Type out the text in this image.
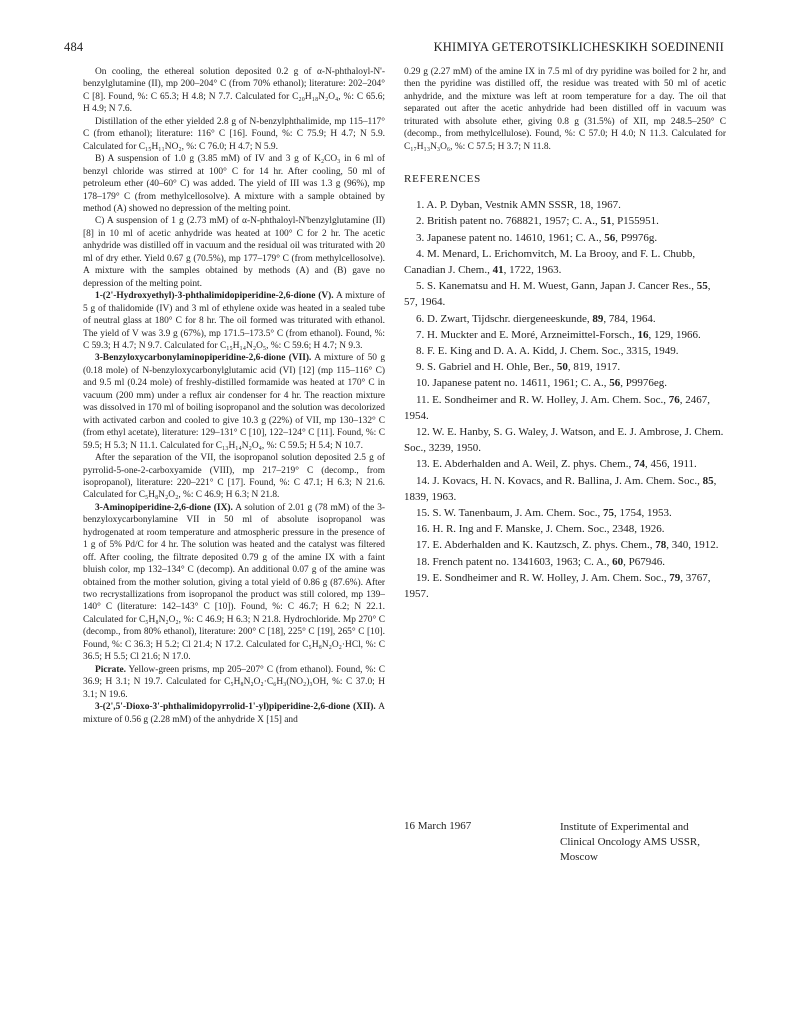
484	KHIMIYA GETEROTSIKLICHESKIKH SOEDINENII

On cooling, the ethereal solution deposited 0.2 g of α-N-phthaloyl-N'-benzylglutamine (II), mp 200–204° C (from 70% ethanol); literature: 202–204° C [8]. Found, %: C 65.3; H 4.8; N 7.7. Calculated for C₂₀H₁₈N₂O₄, %: C 65.6; H 4.9; N 7.6.

Distillation of the ether yielded 2.8 g of N-benzylphthalimide, mp 115–117° C (from ethanol); literature: 116° C [16]. Found, %: C 75.9; H 4.7; N 5.9. Calculated for C₁₅H₁₁NO₂, %: C 76.0; H 4.7; N 5.9.

B) A suspension of 1.0 g (3.85 mM) of IV and 3 g of K₂CO₃ in 6 ml of benzyl chloride was stirred at 100° C for 14 hr. After cooling, 50 ml of petroleum ether (40–60° C) was added. The yield of III was 1.3 g (96%), mp 178–179° C (from methylcellosolve). A mixture with a sample obtained by method (A) showed no depression of the melting point.

C) A suspension of 1 g (2.73 mM) of α-N-phthaloyl-N'benzylglutamine (II) [8] in 10 ml of acetic anhydride was heated at 100° C for 2 hr. The acetic anhydride was distilled off in vacuum and the residual oil was triturated with 20 ml of dry ether. Yield 0.67 g (70.5%), mp 177–179° C (from methylcellosolve). A mixture with the samples obtained by methods (A) and (B) gave no depression of the melting point.

1-(2'-Hydroxyethyl)-3-phthalimidopiperidine-2,6-dione (V). A mixture of 5 g of thalidomide (IV) and 3 ml of ethylene oxide was heated in a sealed tube of neutral glass at 180° C for 8 hr. The oil formed was triturated with ethanol. The yield of V was 3.9 g (67%), mp 171.5–173.5° C (from ethanol). Found, %: C 59.3; H 4.7; N 9.7. Calculated for C₁₅H₁₄N₂O₅, %: C 59.6; H 4.7; N 9.3.

3-Benzyloxycarbonylaminopiperidine-2,6-dione (VII). A mixture of 50 g (0.18 mole) of N-benzyloxycarbonylglutamic acid (VI) [12] (mp 115–116° C) and 9.5 ml (0.24 mole) of freshly-distilled formamide was heated at 170° C in vacuum (200 mm) under a reflux air condenser for 4 hr. The reaction mixture was dissolved in 170 ml of boiling isopropanol and the solution was decolorized with activated carbon and cooled to give 10.3 g (22%) of VII, mp 130–132° C (from ethyl acetate), literature: 129–131° C [10], 122–124° C [11]. Found, %: C 59.5; H 5.3; N 11.1. Calculated for C₁₃H₁₄N₂O₄, %: C 59.5; H 5.4; N 10.7.

After the separation of the VII, the isopropanol solution deposited 2.5 g of pyrrolid-5-one-2-carboxyamide (VIII), mp 217–219° C (decomp., from isopropanol), literature: 220–221° C [17]. Found, %: C 47.1; H 6.3; N 21.6. Calculated for C₅H₈N₂O₂, %: C 46.9; H 6.3; N 21.8.

3-Aminopiperidine-2,6-dione (IX). A solution of 2.01 g (78 mM) of the 3-benzyloxycarbonylamine VII in 50 ml of absolute isopropanol was hydrogenated at room temperature and atmospheric pressure in the presence of 1 g of 5% Pd/C for 4 hr. The solution was heated and the catalyst was filtered off. After cooling, the filtrate deposited 0.79 g of the amine IX with a faint bluish color, mp 132–134° C (decomp). An additional 0.07 g of the amine was obtained from the mother solution, giving a total yield of 0.86 g (87.6%). After two recrystallizations from isopropanol the product was still colored, mp 139–140° C (literature: 142–143° C [10]). Found, %: C 46.7; H 6.2; N 22.1. Calculated for C₅H₈N₂O₂, %: C 46.9; H 6.3; N 21.8. Hydrochloride. Mp 270° C (decomp., from 80% ethanol), literature: 200° C [18], 225° C [19], 265° C [10]. Found, %: C 36.3; H 5.2; Cl 21.4; N 17.2. Calculated for C₅H₈N₂O₂·HCl, %: C 36.5; H 5.5; Cl 21.6; N 17.0.

Picrate. Yellow-green prisms, mp 205–207° C (from ethanol). Found, %: C 36.9; H 3.1; N 19.7. Calculated for C₅H₈N₂O₂·C₆H₃(NO₂)₃OH, %: C 37.0; H 3.1; N 19.6.

3-(2',5'-Dioxo-3'-phthalimidopyrrolid-1'-yl)piperidine-2,6-dione (XII). A mixture of 0.56 g (2.28 mM) of the anhydride X [15] and

0.29 g (2.27 mM) of the amine IX in 7.5 ml of dry pyridine was boiled for 2 hr, and then the pyridine was distilled off, the residue was treated with 50 ml of acetic anhydride, and the mixture was left at room temperature for a day. The oil that separated out after the acetic anhydride had been distilled off in vacuum was triturated with absolute ether, giving 0.8 g (31.5%) of XII, mp 248.5–250° C (decomp., from methylcellulose). Found, %: C 57.0; H 4.0; N 11.3. Calculated for C₁₇H₁₃N₃O₆, %: C 57.5; H 3.7; N 11.8.

REFERENCES
1. A. P. Dyban, Vestnik AMN SSSR, 18, 1967.
2. British patent no. 768821, 1957; C. A., 51, P155951.
3. Japanese patent no. 14610, 1961; C. A., 56, P9976g.
4. M. Menard, L. Erichomvitch, M. La Brooy, and F. L. Chubb, Canadian J. Chem., 41, 1722, 1963.
5. S. Kanematsu and H. M. Wuest, Gann, Japan J. Cancer Res., 55, 57, 1964.
6. D. Zwart, Tijdschr. diergeneeskunde, 89, 784, 1964.
7. H. Muckter and E. Moré, Arzneimittel-Forsch., 16, 129, 1966.
8. F. E. King and D. A. A. Kidd, J. Chem. Soc., 3315, 1949.
9. S. Gabriel and H. Ohle, Ber., 50, 819, 1917.
10. Japanese patent no. 14611, 1961; C. A., 56, P9976eg.
11. E. Sondheimer and R. W. Holley, J. Am. Chem. Soc., 76, 2467, 1954.
12. W. E. Hanby, S. G. Waley, J. Watson, and E. J. Ambrose, J. Chem. Soc., 3239, 1950.
13. E. Abderhalden and A. Weil, Z. phys. Chem., 74, 456, 1911.
14. J. Kovacs, H. N. Kovacs, and R. Ballina, J. Am. Chem. Soc., 85, 1839, 1963.
15. S. W. Tanenbaum, J. Am. Chem. Soc., 75, 1754, 1953.
16. H. R. Ing and F. Manske, J. Chem. Soc., 2348, 1926.
17. E. Abderhalden and K. Kautzsch, Z. phys. Chem., 78, 340, 1912.
18. French patent no. 1341603, 1963; C. A., 60, P67946.
19. E. Sondheimer and R. W. Holley, J. Am. Chem. Soc., 79, 3767, 1957.
16 March 1967	Institute of Experimental and
Clinical Oncology AMS USSR,
Moscow
